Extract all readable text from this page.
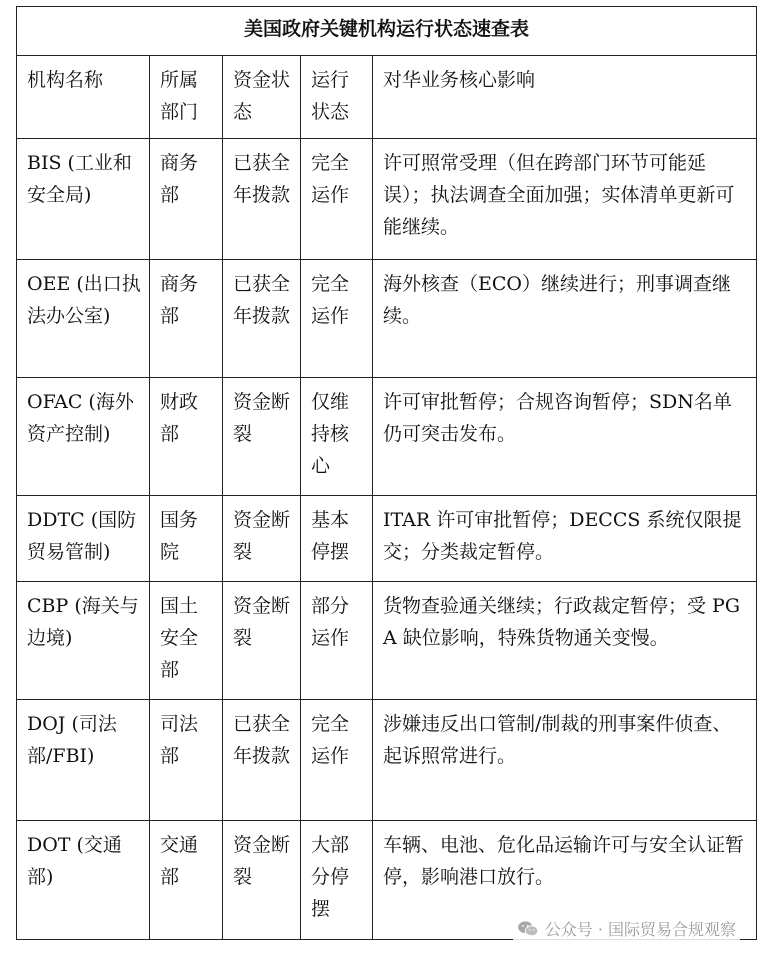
美国政府关键机构运行状态速查表				
机构名称	所属部门	资金状态	运行状态	对华业务核心影响
BIS (工业和安全局)	商务部	已获全年拨款	完全运作	许可照常受理（但在跨部门环节可能延误）；执法调查全面加强；实体清单更新可能继续。
OEE (出口执法办公室)	商务部	已获全年拨款	完全运作	海外核查（ECO）继续进行；刑事调查继续。
OFAC (海外资产控制)	财政部	资金断裂	仅维持核心	许可审批暂停；合规咨询暂停；SDN名单仍可突击发布。
DDTC (国防贸易管制)	国务院	资金断裂	基本停摆	ITAR 许可审批暂停；DECCS 系统仅限提交；分类裁定暂停。
CBP (海关与边境)	国土安全部	资金断裂	部分运作	货物查验通关继续；行政裁定暂停；受 PGA 缺位影响，特殊货物通关变慢。
DOJ (司法部/FBI)	司法部	已获全年拨款	完全运作	涉嫌违反出口管制/制裁的刑事案件侦查、起诉照常进行。
DOT (交通部)	交通部	资金断裂	大部分停摆	车辆、电池、危化品运输许可与安全认证暂停，影响港口放行。
公众号 · 国际贸易合规观察
